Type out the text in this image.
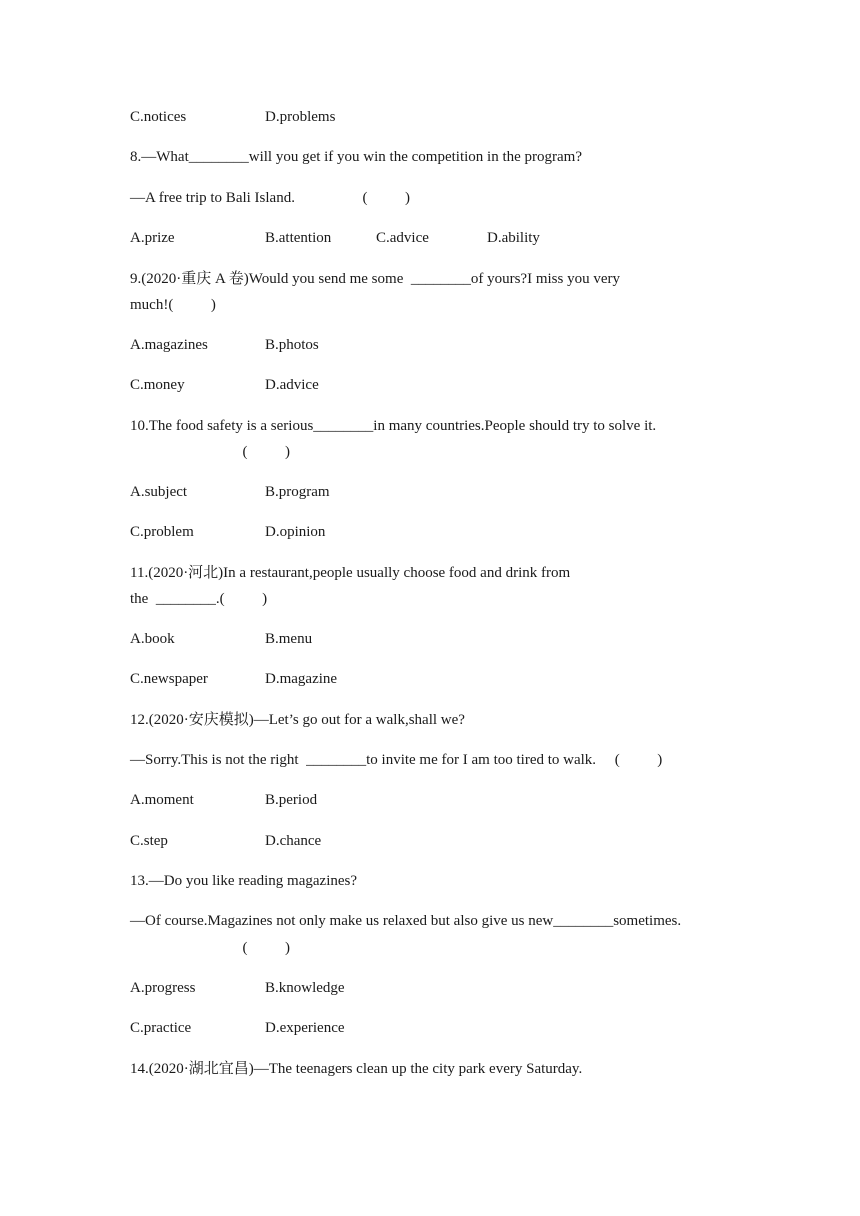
C.notices	D.problems
8.—What________will you get if you win the competition in the program?
—A free trip to Bali Island.                  (          )
A.prize	B.attention	C.advice	D.ability
9.(2020·重庆 A 卷)Would you send me some  ________of yours?I miss you very
much!(          )
A.magazines	B.photos
C.money	D.advice
10.The food safety is a serious________in many countries.People should try to solve it.
(          )
A.subject	B.program
C.problem	D.opinion
11.(2020·河北)In a restaurant,people usually choose food and drink from
the  ________.(          )
A.book	B.menu
C.newspaper	D.magazine
12.(2020·安庆模拟)—Let’s go out for a walk,shall we?
—Sorry.This is not the right  ________to invite me for I am too tired to walk.     (          )
A.moment	B.period
C.step	D.chance
13.—Do you like reading magazines?
—Of course.Magazines not only make us relaxed but also give us new________sometimes.
(          )
A.progress	B.knowledge
C.practice	D.experience
14.(2020·湖北宜昌)—The teenagers clean up the city park every Saturday.
